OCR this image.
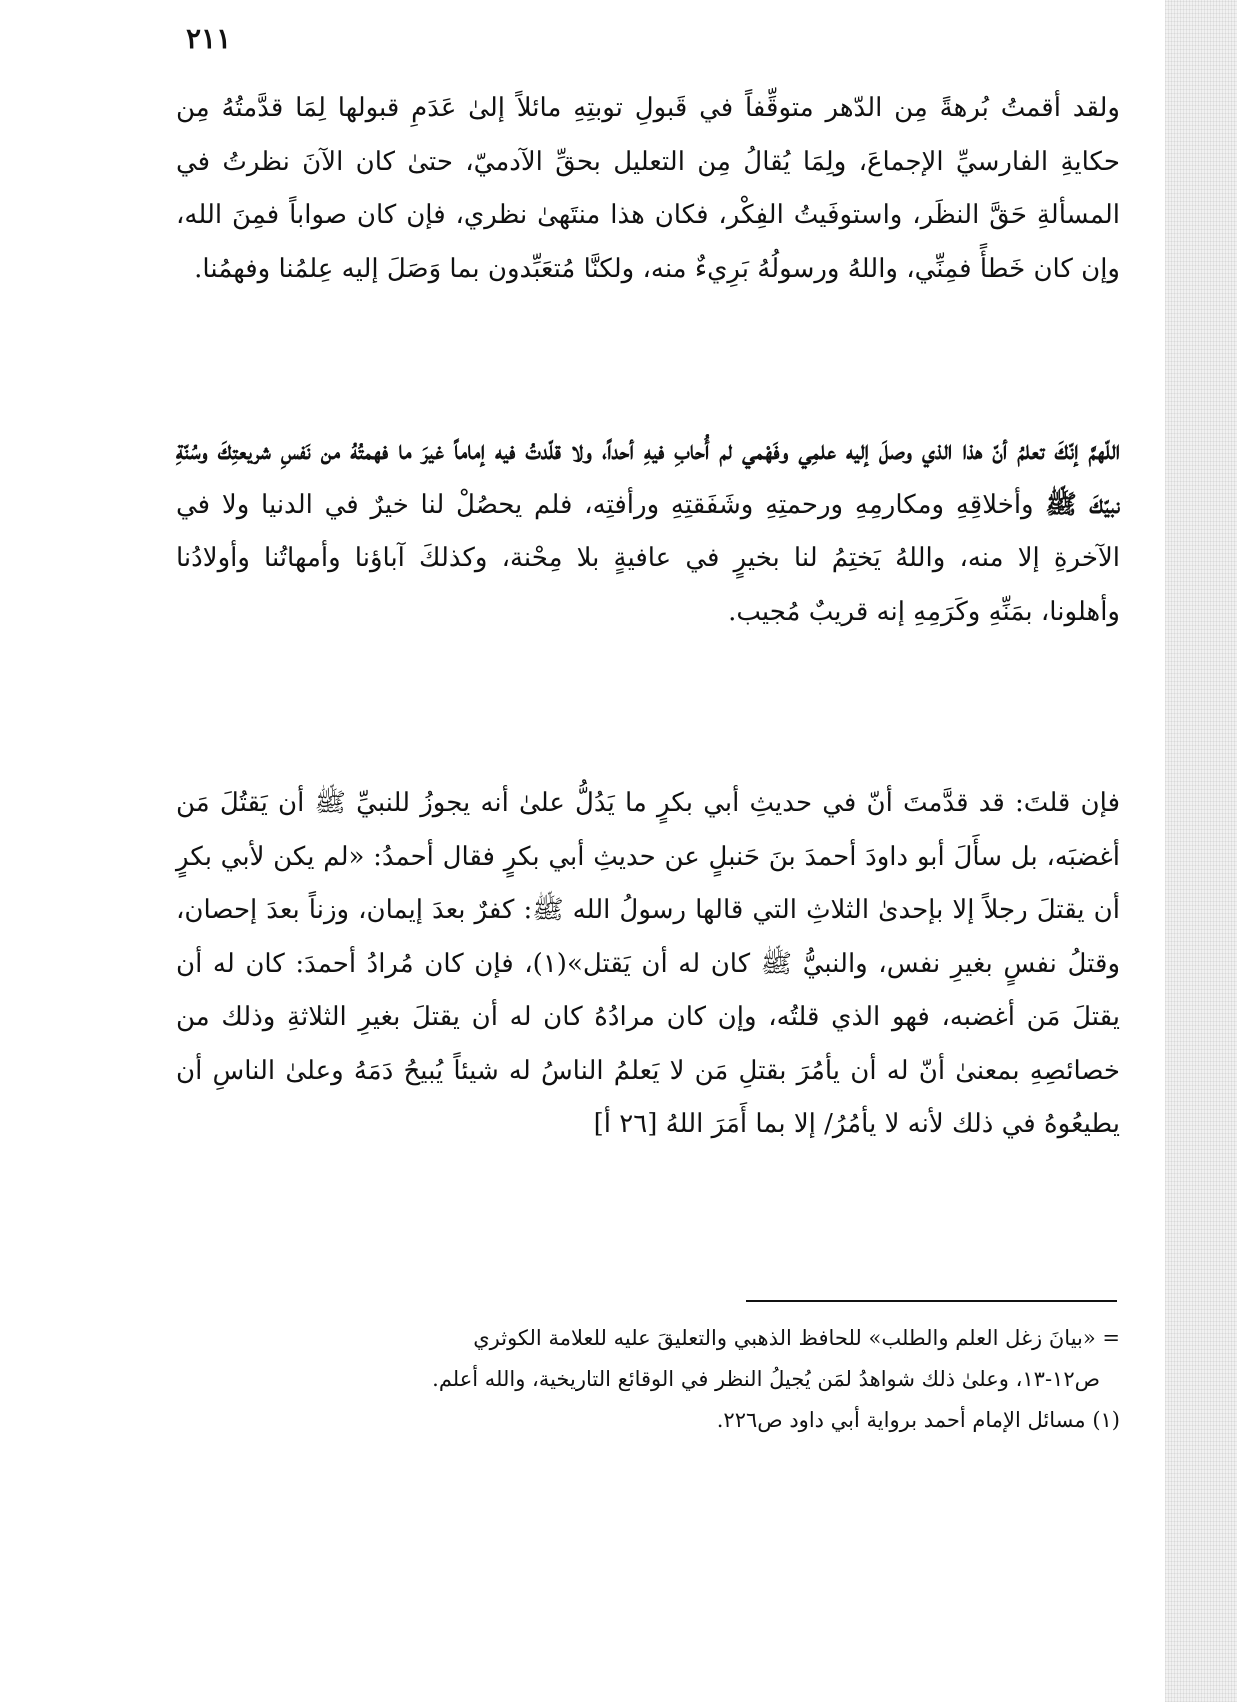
٢١١

ولقد أقمتُ بُرهةً مِن الدّهر متوقِّفاً في قَبولِ توبتِهِ مائلاً إلىٰ عَدَمِ قبولها لِمَا قدَّمتُهُ مِن حكايةِ الفارسيِّ الإجماعَ، ولِمَا يُقالُ مِن التعليل بحقِّ الآدميّ، حتىٰ كان الآنَ نظرتُ في المسألةِ حَقَّ النظَر، واستوفَيتُ الفِكْر، فكان هذا منتَهىٰ نظري، فإن كان صواباً فمِنَ الله، وإن كان خَطأً فمِنِّي، واللهُ ورسولُهُ بَرِيءٌ منه، ولكنَّا مُتعَبِّدون بما وَصَلَ إليه عِلمُنا وفهمُنا.

اللّهمَّ إنّكَ تعلمُ أنّ هذا الذي وصلَ إليه علمِي وفَهْمي لم أُحابِ فيهِ أحداً، ولا قلّدتُ فيه إماماً غيرَ ما فهمتُهُ من نَفسِ شريعتِكَ وسُنّةِ نبيّكَ ﷺ وأخلاقِهِ ومكارمِهِ ورحمتِهِ وشَفَقتِهِ ورأفتِه، فلم يحصُلْ لنا خيرٌ في الدنيا ولا في الآخرةِ إلا منه، واللهُ يَختِمُ لنا بخيرٍ في عافيةٍ بلا مِحْنة، وكذلكَ آباؤنا وأمهاتُنا وأولادُنا وأهلونا، بمَنِّهِ وكَرَمِهِ إنه قريبٌ مُجيب.

فإن قلتَ: قد قدَّمتَ أنّ في حديثِ أبي بكرٍ ما يَدُلُّ علىٰ أنه يجوزُ للنبيِّ ﷺ أن يَقتُلَ مَن أغضبَه، بل سأَلَ أبو داودَ أحمدَ بنَ حَنبلٍ عن حديثِ أبي بكرٍ فقال أحمدُ: «لم يكن لأبي بكرٍ أن يقتلَ رجلاً إلا بإحدىٰ الثلاثِ التي قالها رسولُ الله ﷺ: كفرٌ بعدَ إيمان، وزناً بعدَ إحصان، وقتلُ نفسٍ بغيرِ نفس، والنبيُّ ﷺ كان له أن يَقتل»(١)، فإن كان مُرادُ أحمدَ: كان له أن يقتلَ مَن أغضبه، فهو الذي قلتُه، وإن كان مرادُهُ كان له أن يقتلَ بغيرِ الثلاثةِ وذلك من خصائصِهِ بمعنىٰ أنّ له أن يأمُرَ بقتلِ مَن لا يَعلمُ الناسُ له شيئاً يُبيحُ دَمَهُ وعلىٰ الناسِ أن يطيعُوهُ في ذلك لأنه لا يأمُرُ/ إلا بما أَمَرَ اللهُ [٢٦ أ]

= «بيانَ زغل العلم والطلب» للحافظ الذهبي والتعليقَ عليه للعلامة الكوثري
ص١٢-١٣، وعلىٰ ذلك شواهدُ لمَن يُجيلُ النظر في الوقائع التاريخية، والله أعلم.
(١) مسائل الإمام أحمد برواية أبي داود ص٢٢٦.
